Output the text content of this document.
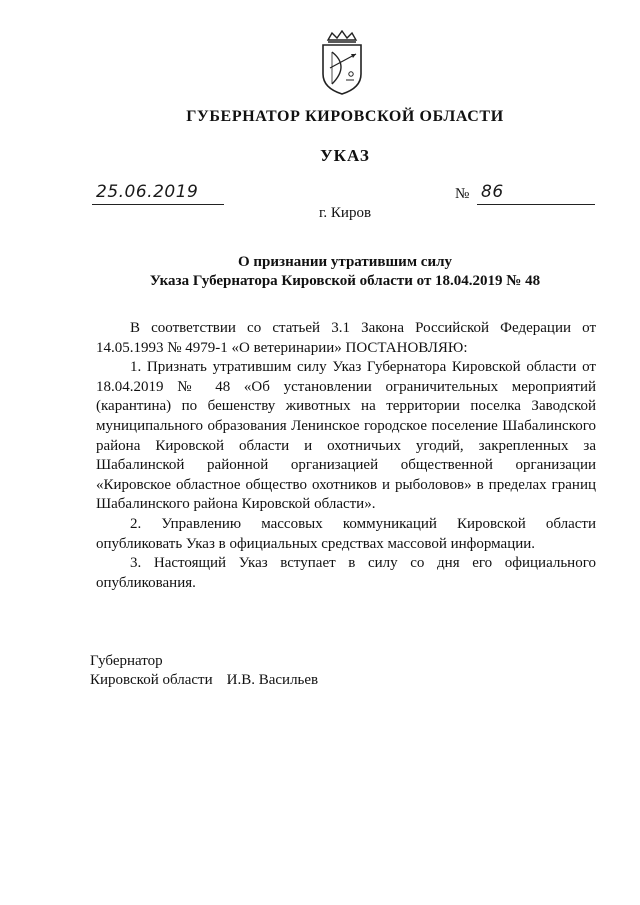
ГУБЕРНАТОР КИРОВСКОЙ ОБЛАСТИ
УКАЗ
25.06.2019	№ 86
г. Киров
О признании утратившим силу
Указа Губернатора Кировской области от 18.04.2019 № 48

В соответствии со статьей 3.1 Закона Российской Федерации от 14.05.1993 № 4979-1 «О ветеринарии» ПОСТАНОВЛЯЮ:

1. Признать утратившим силу Указ Губернатора Кировской области от 18.04.2019 № 48 «Об установлении ограничительных мероприятий (карантина) по бешенству животных на территории поселка Заводской муниципального образования Ленинское городское поселение Шабалинского района Кировской области и охотничьих угодий, закрепленных за Шабалинской районной организацией общественной организации «Кировское областное общество охотников и рыболовов» в пределах границ Шабалинского района Кировской области».

2. Управлению массовых коммуникаций Кировской области опубликовать Указ в официальных средствах массовой информации.

3. Настоящий Указ вступает в силу со дня его официального опубликования.

Губернатор
Кировской области И.В. Васильев
